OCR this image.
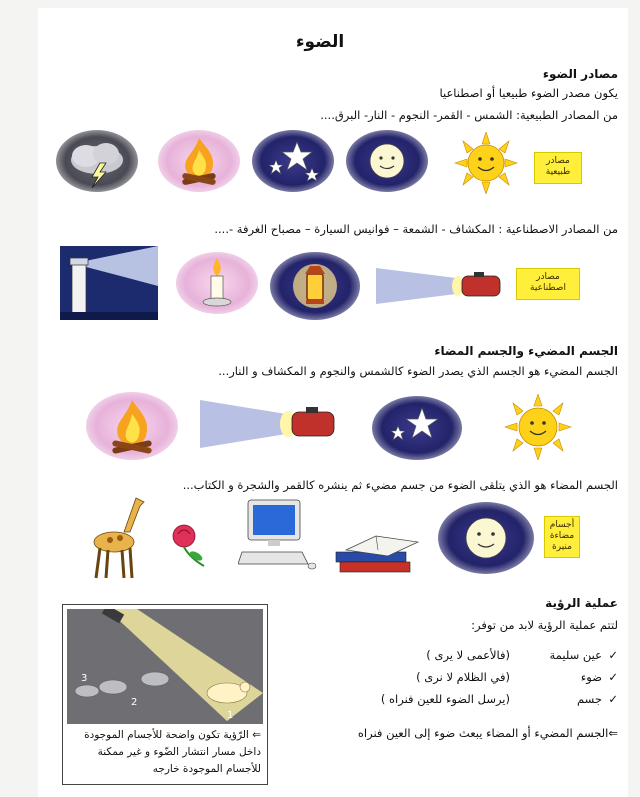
الضوء
مصادر الضوء
يكون مصدر الضوء طبيعيا أو اصطناعيا
من المصادر الطبيعية: الشمس - القمر- النجوم - النار- البرق....
مصادر
طبيعية
من المصادر الاصطناعية : المكشاف - الشمعة – فوانيس السيارة – مصباح الغرفة -....
مصادر
اصطناعية
الجسم المضيء والجسم المضاء
الجسم المضيء هو الجسم الذي يصدر الضوء كالشمس والنجوم و المكشاف و النار...
الجسم المضاء هو الذي يتلقى الضوء من جسم مضيء ثم ينشره كالقمر والشجرة و الكتاب...
أجسام
مضاءة
منيرة
عملية الرؤية
لتتم عملية الرؤية لابد من توفر:
✓
عين سليمة
(فالأعمى لا يرى )
✓
ضوء
(في الظلام لا نرى )
✓
جسم
(يرسل الضوء للعين فنراه )
⇐الجسم المضيء أو المضاء يبعث ضوء إلى العين فنراه
1
2
3
⇐ الرّؤية تكون واضحة للأجسام الموجودة داخل مسار انتشار الضّوء و غير ممكنة للأجسام الموجودة خارجه
